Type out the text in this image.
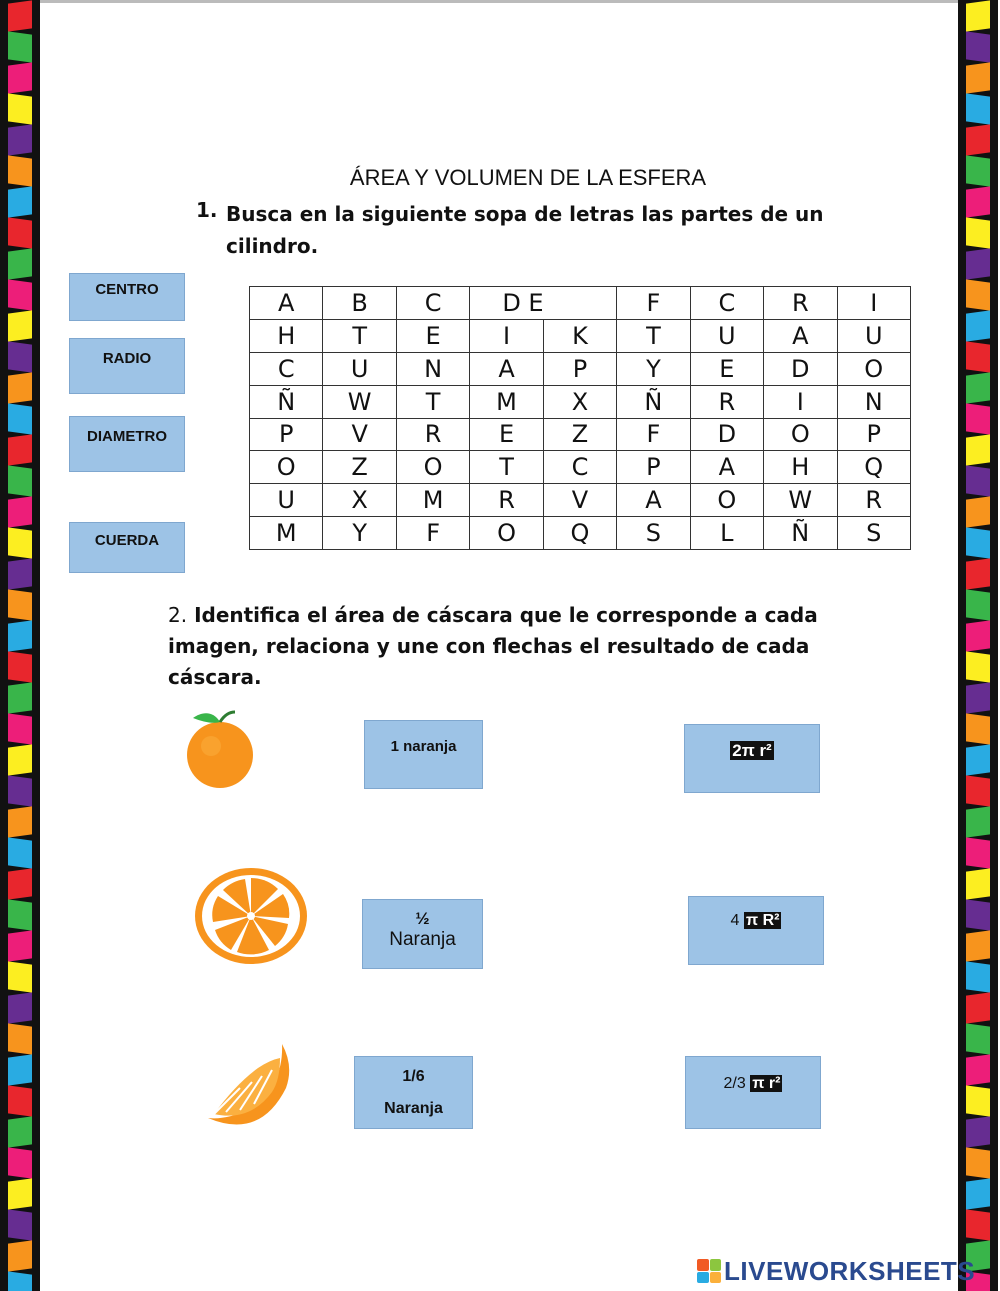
ÁREA Y VOLUMEN DE LA ESFERA
1. Busca en la siguiente sopa de letras las partes de un cilindro.
CENTRO
RADIO
DIAMETRO
CUERDA
A	B	C	D E		F	C	R	I
H	T	E	I	K	T	U	A	U
C	U	N	A	P	Y	E	D	O
Ñ	W	T	M	X	Ñ	R	I	N
P	V	R	E	Z	F	D	O	P
O	Z	O	T	C	P	A	H	Q
U	X	M	R	V	A	O	W	R
M	Y	F	O	Q	S	L	Ñ	S
2. Identifica el área de cáscara que le corresponde a cada imagen, relaciona y une con flechas el resultado de cada cáscara.
1 naranja
½
Naranja
1/6
Naranja
2π r²
4 π R²
2/3 π r²
LIVEWORKSHEETS
